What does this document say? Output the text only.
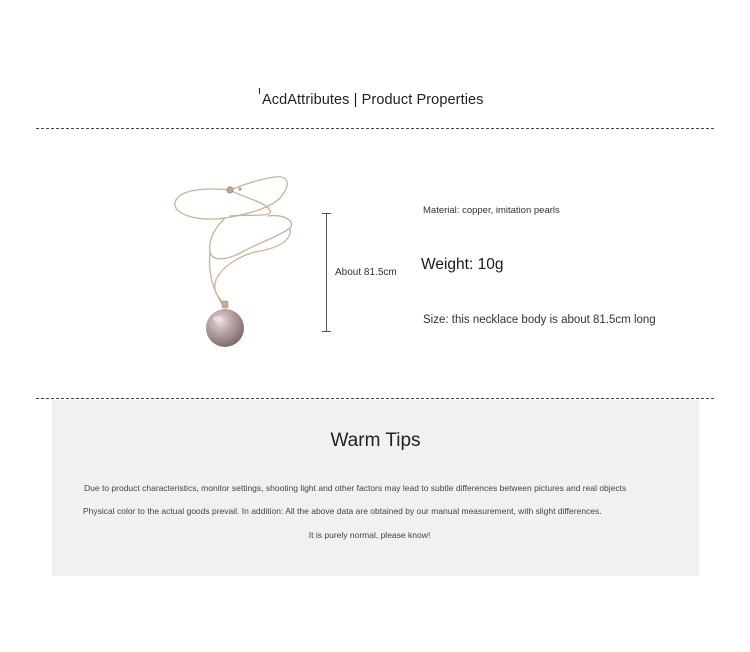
AcdAttributes | Product Properties
About 81.5cm
Material: copper, imitation pearls
Weight: 10g
Size: this necklace body is about 81.5cm long
Warm Tips
Due to product characteristics, monitor settings, shooting light and other factors may lead to subtle differences between pictures and real objects
Physical color to the actual goods prevail. In addition: All the above data are obtained by our manual measurement, with slight differences.
It is purely normal, please know!
